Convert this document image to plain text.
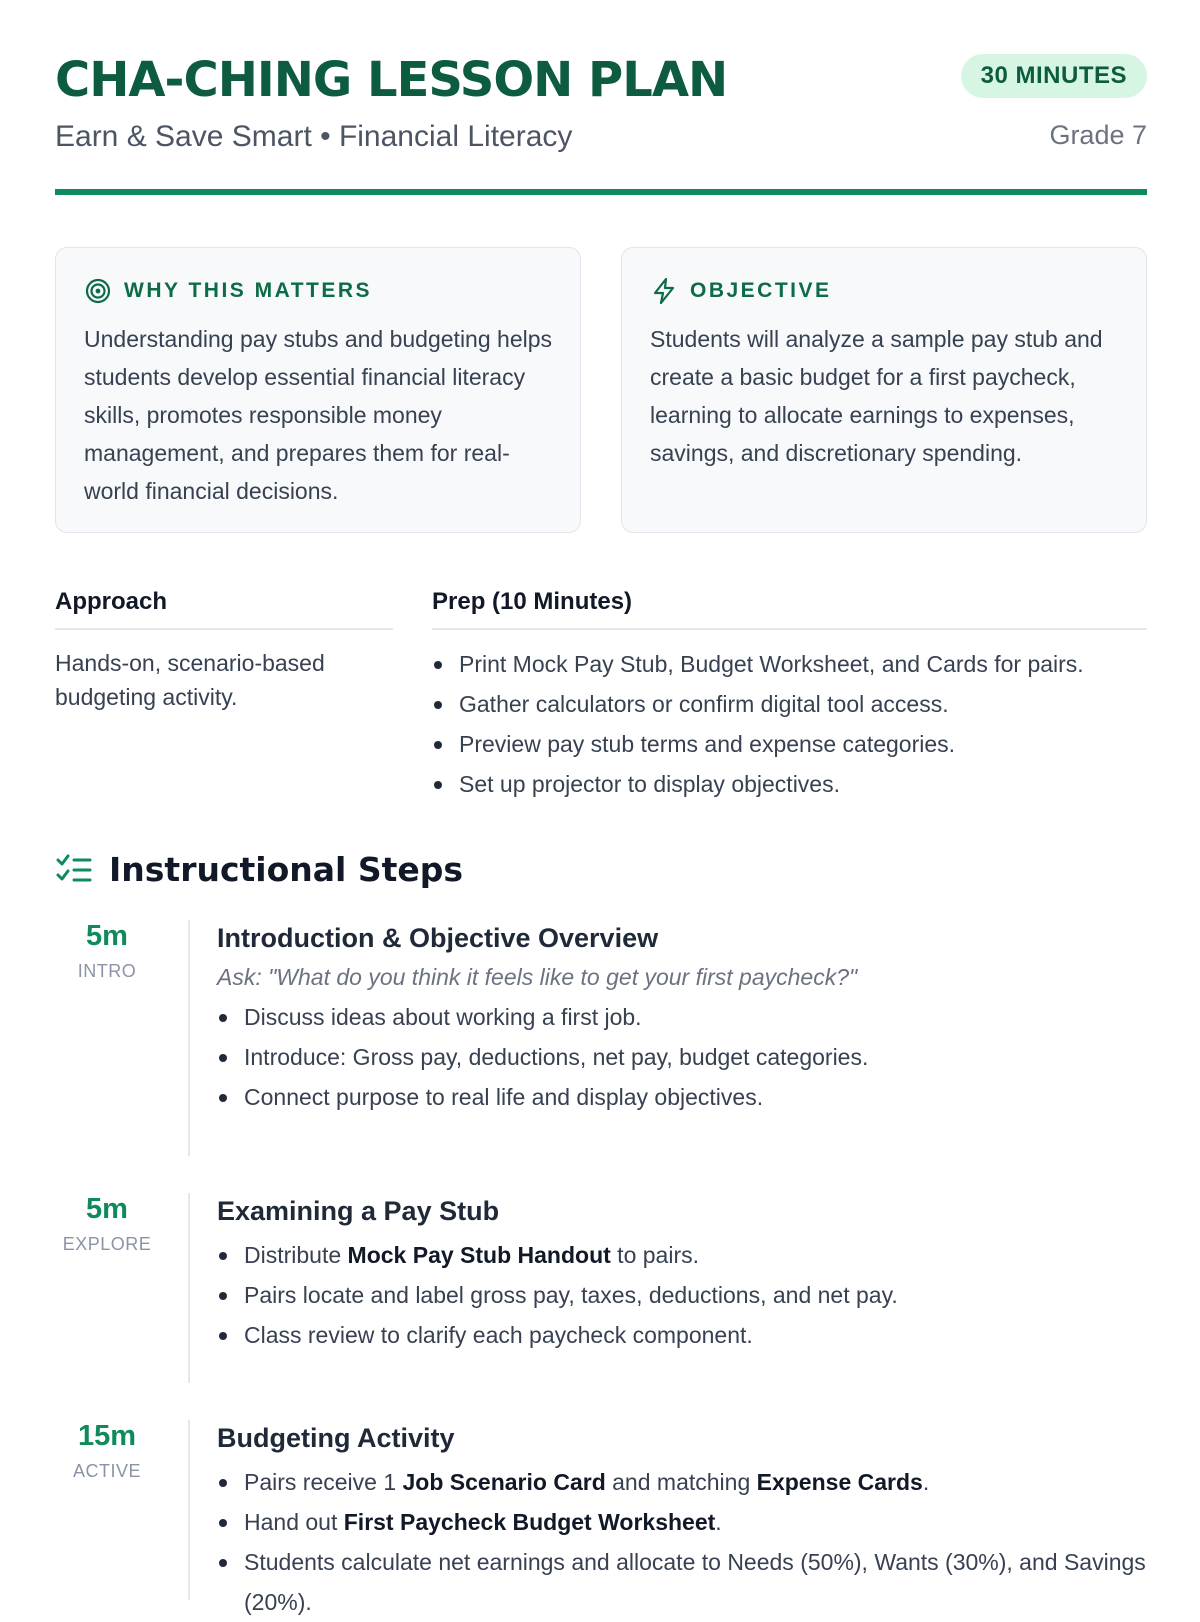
CHA-CHING LESSON PLAN
Earn & Save Smart • Financial Literacy
30 MINUTES
Grade 7
WHY THIS MATTERS
Understanding pay stubs and budgeting helps students develop essential financial literacy skills, promotes responsible money management, and prepares them for real-world financial decisions.
OBJECTIVE
Students will analyze a sample pay stub and create a basic budget for a first paycheck, learning to allocate earnings to expenses, savings, and discretionary spending.
Approach
Hands-on, scenario-based budgeting activity.
Prep (10 Minutes)
Print Mock Pay Stub, Budget Worksheet, and Cards for pairs.
Gather calculators or confirm digital tool access.
Preview pay stub terms and expense categories.
Set up projector to display objectives.
Instructional Steps
5m
INTRO
Introduction & Objective Overview
Ask: "What do you think it feels like to get your first paycheck?"
Discuss ideas about working a first job.
Introduce: Gross pay, deductions, net pay, budget categories.
Connect purpose to real life and display objectives.
5m
EXPLORE
Examining a Pay Stub
Distribute Mock Pay Stub Handout to pairs.
Pairs locate and label gross pay, taxes, deductions, and net pay.
Class review to clarify each paycheck component.
15m
ACTIVE
Budgeting Activity
Pairs receive 1 Job Scenario Card and matching Expense Cards.
Hand out First Paycheck Budget Worksheet.
Students calculate net earnings and allocate to Needs (50%), Wants (30%), and Savings (20%).
